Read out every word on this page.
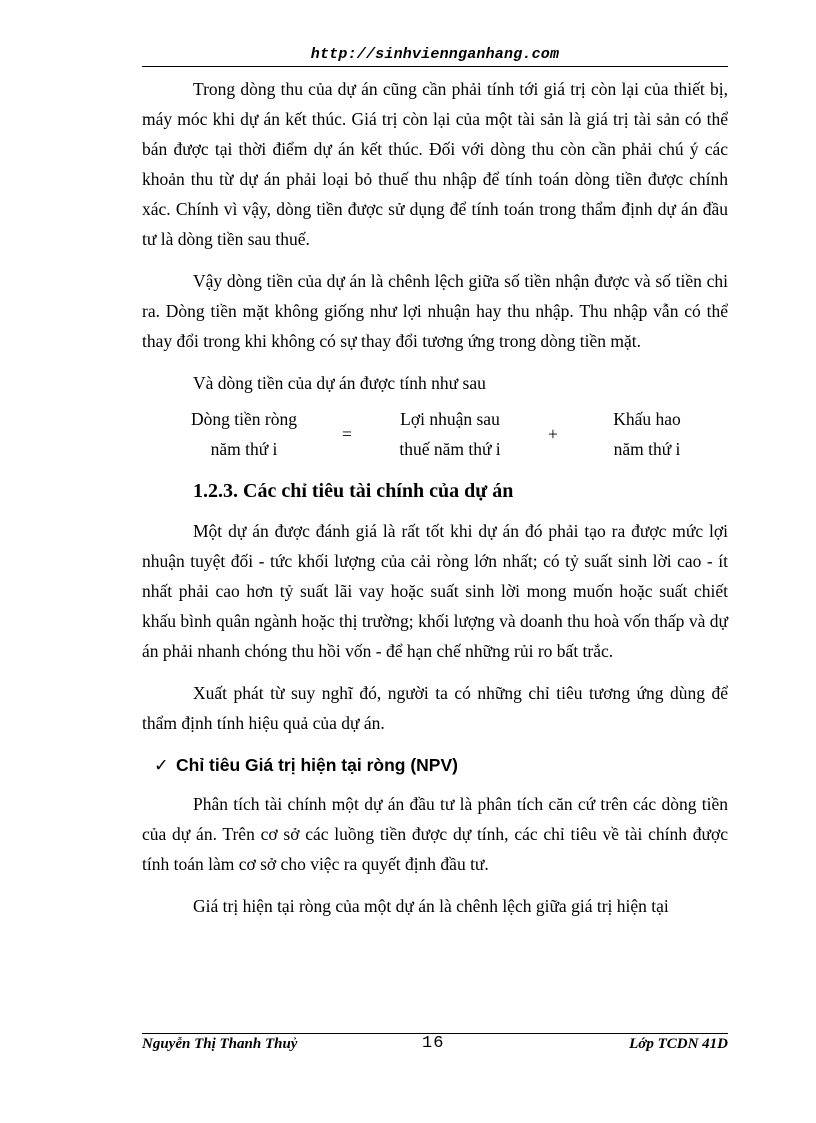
http://sinhviennganhang.com

Trong dòng thu của dự án cũng cần phải tính tới giá trị còn lại của thiết bị, máy móc khi dự án kết thúc. Giá trị còn lại của một tài sản là giá trị tài sản có thể bán được tại thời điểm dự án kết thúc. Đối với dòng thu còn cần phải chú ý các khoản thu từ dự án phải loại bỏ thuế thu nhập để tính toán dòng tiền được chính xác. Chính vì vậy, dòng tiền được sử dụng để tính toán trong thẩm định dự án đầu tư là dòng tiền sau thuế.

Vậy dòng tiền của dự án là chênh lệch giữa số tiền nhận được và số tiền chi ra. Dòng tiền mặt không giống như lợi nhuận hay thu nhập. Thu nhập vẫn có thể thay đổi trong khi không có sự thay đổi tương ứng trong dòng tiền mặt.

Và dòng tiền của dự án được tính như sau

Dòng tiền ròng
năm thứ i
=
Lợi nhuận sau
thuế năm thứ i
+
Khấu hao
năm thứ i
1.2.3. Các chỉ tiêu tài chính của dự án

Một dự án được đánh giá là rất tốt khi dự án đó phải tạo ra được mức lợi nhuận tuyệt đối - tức khối lượng của cải ròng lớn nhất; có tỷ suất sinh lời cao - ít nhất phải cao hơn tỷ suất lãi vay hoặc suất sinh lời mong muốn hoặc suất chiết khấu bình quân ngành hoặc thị trường; khối lượng và doanh thu hoà vốn thấp và dự án phải nhanh chóng thu hồi vốn - để hạn chế những rủi ro bất trắc.

Xuất phát từ suy nghĩ đó, người ta có những chỉ tiêu tương ứng dùng để thẩm định tính hiệu quả của dự án.

✓ Chỉ tiêu Giá trị hiện tại ròng (NPV)

Phân tích tài chính một dự án đầu tư là phân tích căn cứ trên các dòng tiền của dự án. Trên cơ sở các luồng tiền được dự tính, các chỉ tiêu về tài chính được tính toán làm cơ sở cho việc ra quyết định đầu tư.

Giá trị hiện tại ròng của một dự án là chênh lệch giữa giá trị hiện tại

Nguyễn Thị Thanh Thuỷ	16	Lớp TCDN 41D
